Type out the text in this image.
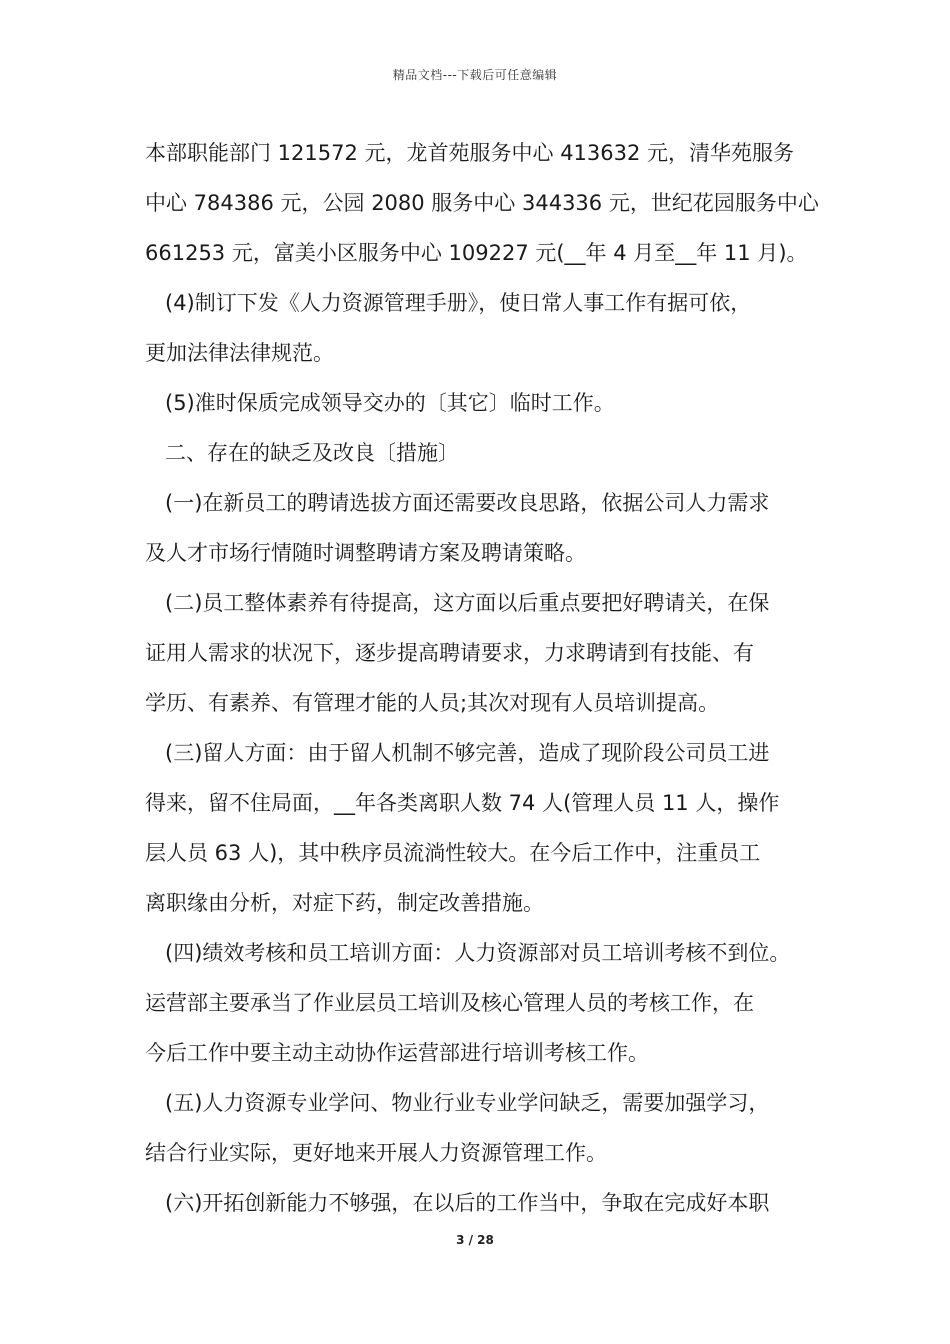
精品文档---下载后可任意编辑
本部职能部门 121572 元，龙首苑服务中心 413632 元，清华苑服务
中心 784386 元，公园 2080 服务中心 344336 元，世纪花园服务中心
661253 元，富美小区服务中心 109227 元(__年 4 月至__年 11 月)。
(4)制订下发《人力资源管理手册》，使日常人事工作有据可依，
更加法律法律规范。
(5)准时保质完成领导交办的〔其它〕临时工作。
二、存在的缺乏及改良〔措施〕
(一)在新员工的聘请选拔方面还需要改良思路，依据公司人力需求
及人才市场行情随时调整聘请方案及聘请策略。
(二)员工整体素养有待提高，这方面以后重点要把好聘请关，在保
证用人需求的状况下，逐步提高聘请要求，力求聘请到有技能、有
学历、有素养、有管理才能的人员;其次对现有人员培训提高。
(三)留人方面：由于留人机制不够完善，造成了现阶段公司员工进
得来，留不住局面，__年各类离职人数 74 人(管理人员 11 人，操作
层人员 63 人)，其中秩序员流淌性较大。在今后工作中，注重员工
离职缘由分析，对症下药，制定改善措施。
(四)绩效考核和员工培训方面：人力资源部对员工培训考核不到位。
运营部主要承当了作业层员工培训及核心管理人员的考核工作，在
今后工作中要主动主动协作运营部进行培训考核工作。
(五)人力资源专业学问、物业行业专业学问缺乏，需要加强学习，
结合行业实际，更好地来开展人力资源管理工作。
(六)开拓创新能力不够强，在以后的工作当中，争取在完成好本职
3 / 28
